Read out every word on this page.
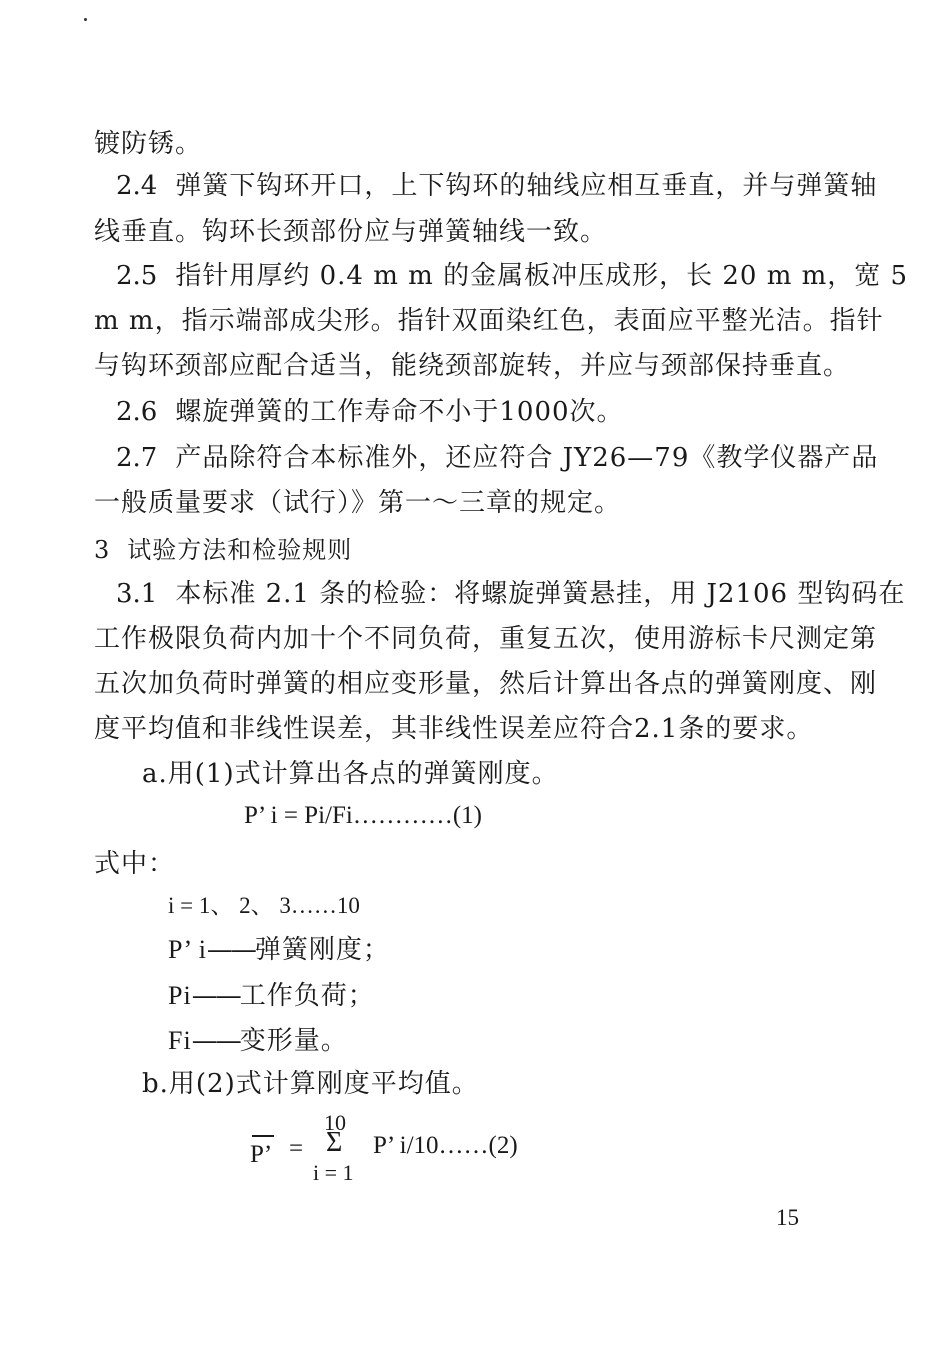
镀防锈。
2.4 弹簧下钩环开口，上下钩环的轴线应相互垂直，并与弹簧轴
线垂直。钩环长颈部份应与弹簧轴线一致。
2.5 指针用厚约 0.4 m m 的金属板冲压成形，长 20 m m，宽 5
m m，指示端部成尖形。指针双面染红色，表面应平整光洁。指针
与钩环颈部应配合适当，能绕颈部旋转，并应与颈部保持垂直。
2.6 螺旋弹簧的工作寿命不小于1000次。
2.7 产品除符合本标准外，还应符合 JY26—79《教学仪器产品
一般质量要求（试行）》第一～三章的规定。
3 试验方法和检验规则
3.1 本标准 2.1 条的检验：将螺旋弹簧悬挂，用 J2106 型钩码在
工作极限负荷内加十个不同负荷，重复五次，使用游标卡尺测定第
五次加负荷时弹簧的相应变形量，然后计算出各点的弹簧刚度、刚
度平均值和非线性误差，其非线性误差应符合2.1条的要求。
a.用(1)式计算出各点的弹簧刚度。
P’ i = Pi/Fi…………(1)
式中：
i = 1、 2、 3……10
P’ i——弹簧刚度；
Pi——工作负荷；
Fi——变形量。
b.用(2)式计算刚度平均值。
P’ =
10
Σ
i = 1
P’ i/10……(2)
15
